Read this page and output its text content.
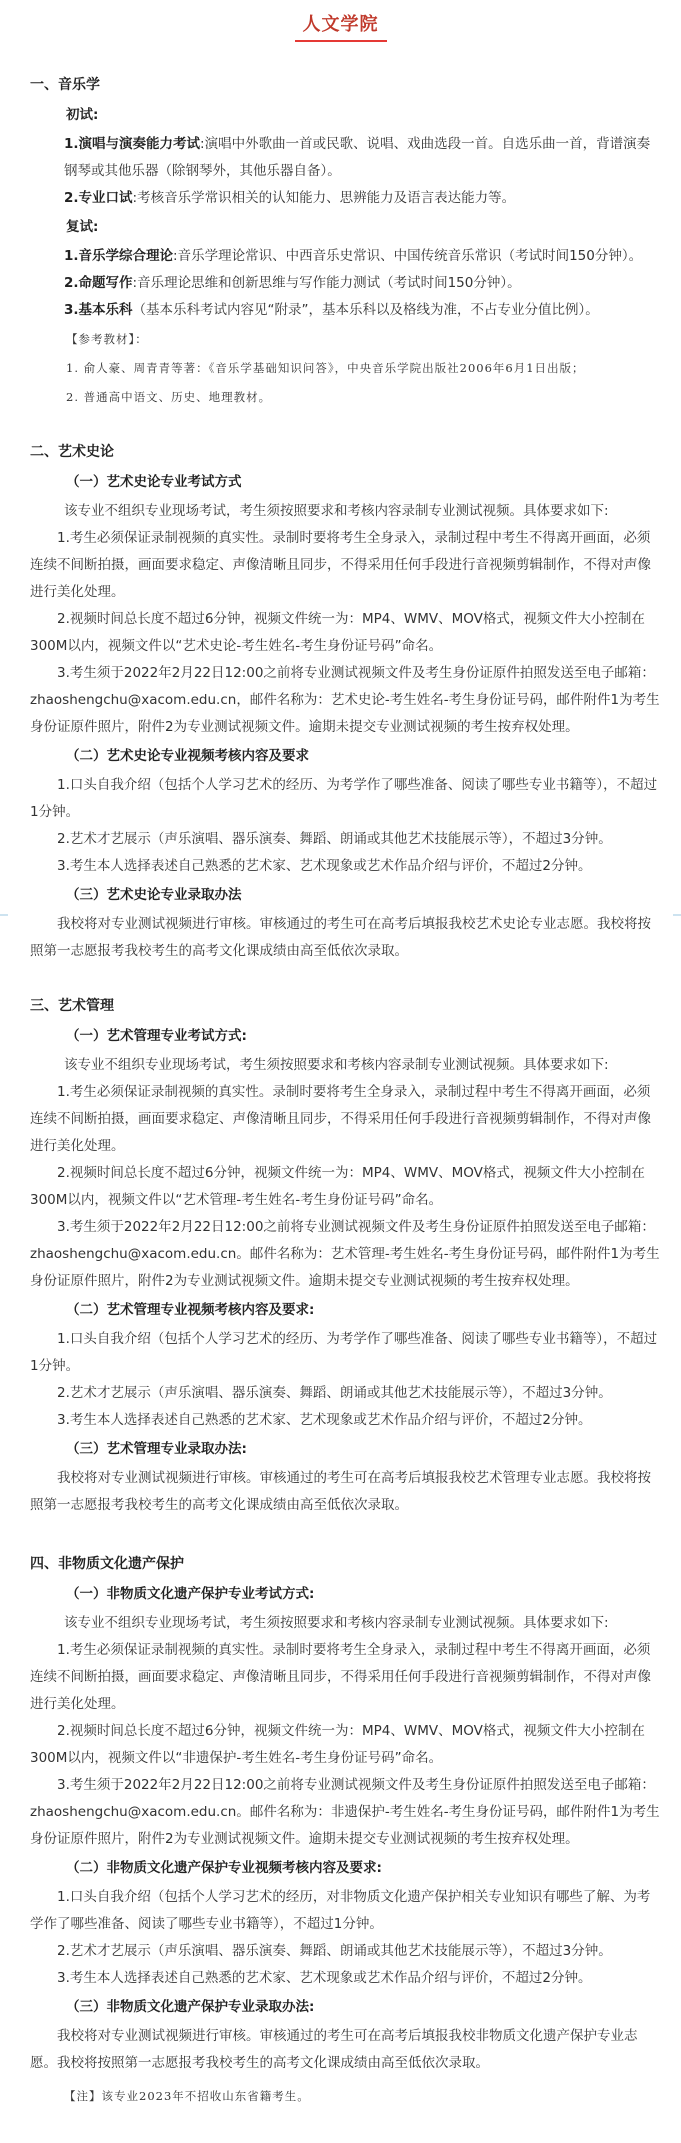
人文学院
一、音乐学

初试:

1.演唱与演奏能力考试:演唱中外歌曲一首或民歌、说唱、戏曲选段一首。自选乐曲一首，背谱演奏钢琴或其他乐器（除钢琴外，其他乐器自备）。

2.专业口试:考核音乐学常识相关的认知能力、思辨能力及语言表达能力等。

复试:

1.音乐学综合理论:音乐学理论常识、中西音乐史常识、中国传统音乐常识（考试时间150分钟）。

2.命题写作:音乐理论思维和创新思维与写作能力测试（考试时间150分钟）。

3.基本乐科（基本乐科考试内容见“附录”，基本乐科以及格线为准，不占专业分值比例）。

【参考教材】：

1. 俞人豪、周青青等著：《音乐学基础知识问答》，中央音乐学院出版社2006年6月1日出版；

2. 普通高中语文、历史、地理教材。

二、艺术史论

（一）艺术史论专业考试方式

该专业不组织专业现场考试，考生须按照要求和考核内容录制专业测试视频。具体要求如下:

1.考生必须保证录制视频的真实性。录制时要将考生全身录入，录制过程中考生不得离开画面，必须连续不间断拍摄，画面要求稳定、声像清晰且同步，不得采用任何手段进行音视频剪辑制作，不得对声像进行美化处理。

2.视频时间总长度不超过6分钟，视频文件统一为：MP4、WMV、MOV格式，视频文件大小控制在300M以内，视频文件以“艺术史论-考生姓名-考生身份证号码”命名。

3.考生须于2022年2月22日12:00之前将专业测试视频文件及考生身份证原件拍照发送至电子邮箱：zhaoshengchu@xacom.edu.cn，邮件名称为：艺术史论-考生姓名-考生身份证号码，邮件附件1为考生身份证原件照片，附件2为专业测试视频文件。逾期未提交专业测试视频的考生按弃权处理。

（二）艺术史论专业视频考核内容及要求

1.口头自我介绍（包括个人学习艺术的经历、为考学作了哪些准备、阅读了哪些专业书籍等），不超过1分钟。

2.艺术才艺展示（声乐演唱、器乐演奏、舞蹈、朗诵或其他艺术技能展示等），不超过3分钟。

3.考生本人选择表述自己熟悉的艺术家、艺术现象或艺术作品介绍与评价，不超过2分钟。

（三）艺术史论专业录取办法

我校将对专业测试视频进行审核。审核通过的考生可在高考后填报我校艺术史论专业志愿。我校将按照第一志愿报考我校考生的高考文化课成绩由高至低依次录取。

三、艺术管理

（一）艺术管理专业考试方式:

该专业不组织专业现场考试，考生须按照要求和考核内容录制专业测试视频。具体要求如下:

1.考生必须保证录制视频的真实性。录制时要将考生全身录入，录制过程中考生不得离开画面，必须连续不间断拍摄，画面要求稳定、声像清晰且同步，不得采用任何手段进行音视频剪辑制作，不得对声像进行美化处理。

2.视频时间总长度不超过6分钟，视频文件统一为：MP4、WMV、MOV格式，视频文件大小控制在300M以内，视频文件以“艺术管理-考生姓名-考生身份证号码”命名。

3.考生须于2022年2月22日12:00之前将专业测试视频文件及考生身份证原件拍照发送至电子邮箱：zhaoshengchu@xacom.edu.cn。邮件名称为：艺术管理-考生姓名-考生身份证号码，邮件附件1为考生身份证原件照片，附件2为专业测试视频文件。逾期未提交专业测试视频的考生按弃权处理。

（二）艺术管理专业视频考核内容及要求:

1.口头自我介绍（包括个人学习艺术的经历、为考学作了哪些准备、阅读了哪些专业书籍等），不超过1分钟。

2.艺术才艺展示（声乐演唱、器乐演奏、舞蹈、朗诵或其他艺术技能展示等），不超过3分钟。

3.考生本人选择表述自己熟悉的艺术家、艺术现象或艺术作品介绍与评价，不超过2分钟。

（三）艺术管理专业录取办法:

我校将对专业测试视频进行审核。审核通过的考生可在高考后填报我校艺术管理专业志愿。我校将按照第一志愿报考我校考生的高考文化课成绩由高至低依次录取。

四、非物质文化遗产保护

（一）非物质文化遗产保护专业考试方式:

该专业不组织专业现场考试，考生须按照要求和考核内容录制专业测试视频。具体要求如下:

1.考生必须保证录制视频的真实性。录制时要将考生全身录入，录制过程中考生不得离开画面，必须连续不间断拍摄，画面要求稳定、声像清晰且同步，不得采用任何手段进行音视频剪辑制作，不得对声像进行美化处理。

2.视频时间总长度不超过6分钟，视频文件统一为：MP4、WMV、MOV格式，视频文件大小控制在300M以内，视频文件以“非遗保护-考生姓名-考生身份证号码”命名。

3.考生须于2022年2月22日12:00之前将专业测试视频文件及考生身份证原件拍照发送至电子邮箱：zhaoshengchu@xacom.edu.cn。邮件名称为：非遗保护-考生姓名-考生身份证号码，邮件附件1为考生身份证原件照片，附件2为专业测试视频文件。逾期未提交专业测试视频的考生按弃权处理。

（二）非物质文化遗产保护专业视频考核内容及要求:

1.口头自我介绍（包括个人学习艺术的经历，对非物质文化遗产保护相关专业知识有哪些了解、为考学作了哪些准备、阅读了哪些专业书籍等），不超过1分钟。

2.艺术才艺展示（声乐演唱、器乐演奏、舞蹈、朗诵或其他艺术技能展示等），不超过3分钟。

3.考生本人选择表述自己熟悉的艺术家、艺术现象或艺术作品介绍与评价，不超过2分钟。

（三）非物质文化遗产保护专业录取办法:

我校将对专业测试视频进行审核。审核通过的考生可在高考后填报我校非物质文化遗产保护专业志愿。我校将按照第一志愿报考我校考生的高考文化课成绩由高至低依次录取。

【注】该专业2023年不招收山东省籍考生。
